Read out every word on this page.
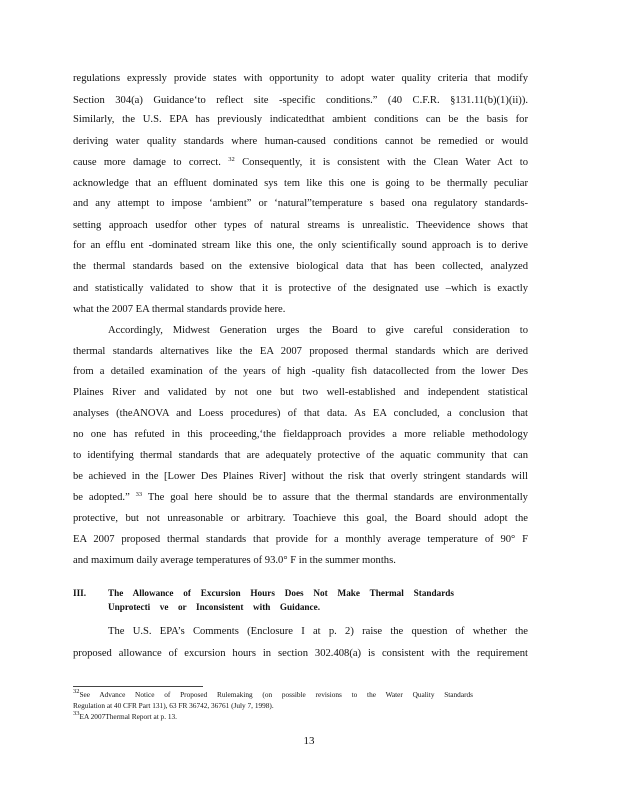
regulations expressly provide states with opportunity to adopt water quality criteria that modify
Section 304(a) Guidance‘to reflect site -specific conditions.” (40 C.F.R. §131.11(b)(1)(ii)).
Similarly, the U.S. EPA has previously indicatedthat ambient conditions can be the basis for
deriving water quality standards where human-caused conditions cannot be remedied or would
cause more damage to correct. $^{32}$ Consequently, it is consistent with the Clean Water Act to
acknowledge that an effluent dominated sys tem like this one is going to be thermally peculiar
and any attempt to impose ‘ambient” or ‘natural”temperature s based ona regulatory standards-
setting approach usedfor other types of natural streams is unrealistic. Theevidence shows that
for an efflu ent -dominated stream like this one, the only scientifically sound approach is to derive
the thermal standards based on the extensive biological data that has been collected, analyzed
and statistically validated to show that it is protective of the designated use –which is exactly
what the 2007 EA thermal standards provide here.
Accordingly, Midwest Generation urges the Board to give careful consideration to
thermal standards alternatives like the EA 2007 proposed thermal standards which are derived
from a detailed examination of the years of high -quality fish datacollected from the lower Des
Plaines River and validated by not one but two well-established and independent statistical
analyses (theANOVA and Loess procedures) of that data. As EA concluded, a conclusion that
no one has refuted in this proceeding,‘the fieldapproach provides a more reliable methodology
to identifying thermal standards that are adequately protective of the aquatic community that can
be achieved in the [Lower Des Plaines River] without the risk that overly stringent standards will
be adopted.” $^{33}$ The goal here should be to assure that the thermal standards are environmentally
protective, but not unreasonable or arbitrary. Toachieve this goal, the Board should adopt the
EA 2007 proposed thermal standards that provide for a monthly average temperature of 90° F
and maximum daily average temperatures of 93.0° F in the summer months.
III. The Allowance of Excursion Hours Does Not Make Thermal Standards
Unprotecti ve or Inconsistent with Guidance.
The U.S. EPA’s Comments (Enclosure I at p. 2) raise the question of whether the
proposed allowance of excursion hours in section 302.408(a) is consistent with the requirement
$^{32}$See Advance Notice of Proposed Rulemaking (on possible revisions to the Water Quality Standards
Regulation at 40 CFR Part 131), 63 FR 36742, 36761 (July 7, 1998).
$^{33}$EA 2007Thermal Report at p. 13.
13
